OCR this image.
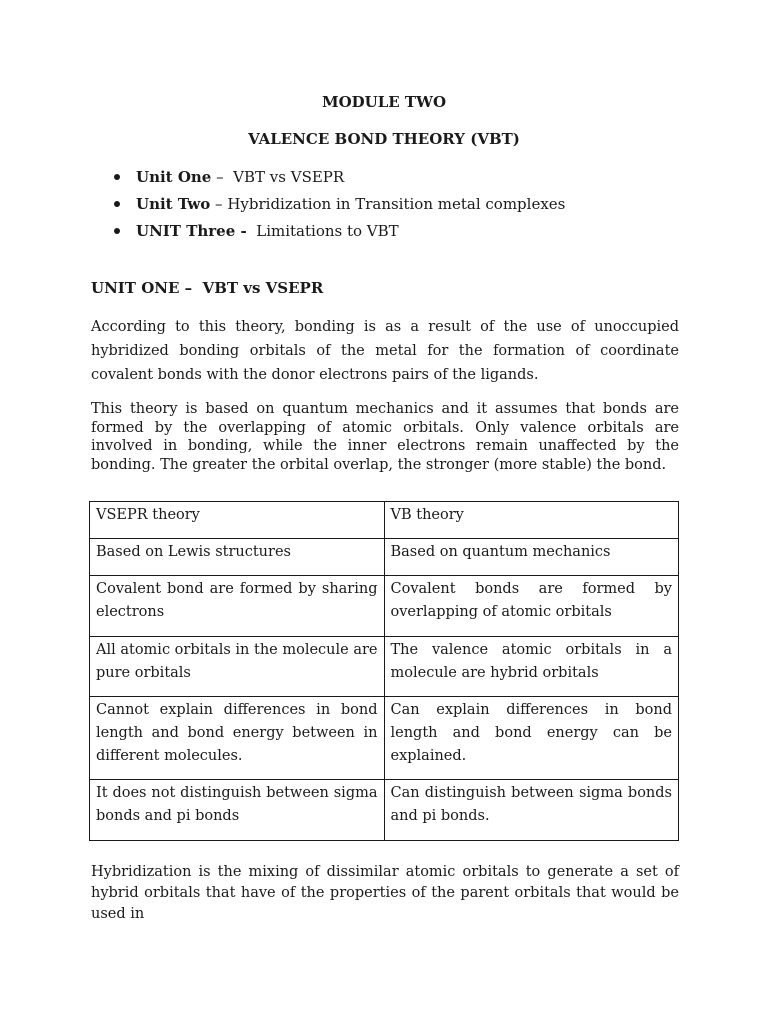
MODULE TWO
VALENCE BOND THEORY (VBT)
Unit One –  VBT vs VSEPR
Unit Two – Hybridization in Transition metal complexes
UNIT Three - Limitations to VBT
UNIT ONE –  VBT vs VSEPR

According to this theory, bonding is as a result of the use of unoccupied hybridized bonding orbitals of the metal for the formation of coordinate covalent bonds with the donor electrons pairs of the ligands.

This theory is based on quantum mechanics and it assumes that bonds are formed by the overlapping of atomic orbitals. Only valence orbitals are involved in bonding, while the inner electrons remain unaffected by the bonding. The greater the orbital overlap, the stronger (more stable) the bond.

VSEPR theory	VB theory
Based on Lewis structures	Based on quantum mechanics
Covalent bond are formed by sharing electrons	Covalent bonds are formed by overlapping of atomic orbitals
All atomic orbitals in the molecule are pure orbitals	The valence atomic orbitals in a molecule are hybrid orbitals
Cannot explain differences in bond length and bond energy between in different molecules.	Can explain differences in bond length and bond energy can be explained.
It does not distinguish between sigma bonds and pi bonds	Can distinguish between sigma bonds and pi bonds.

Hybridization is the mixing of dissimilar atomic orbitals to generate a set of hybrid orbitals that have of the properties of the parent orbitals that would be used in
